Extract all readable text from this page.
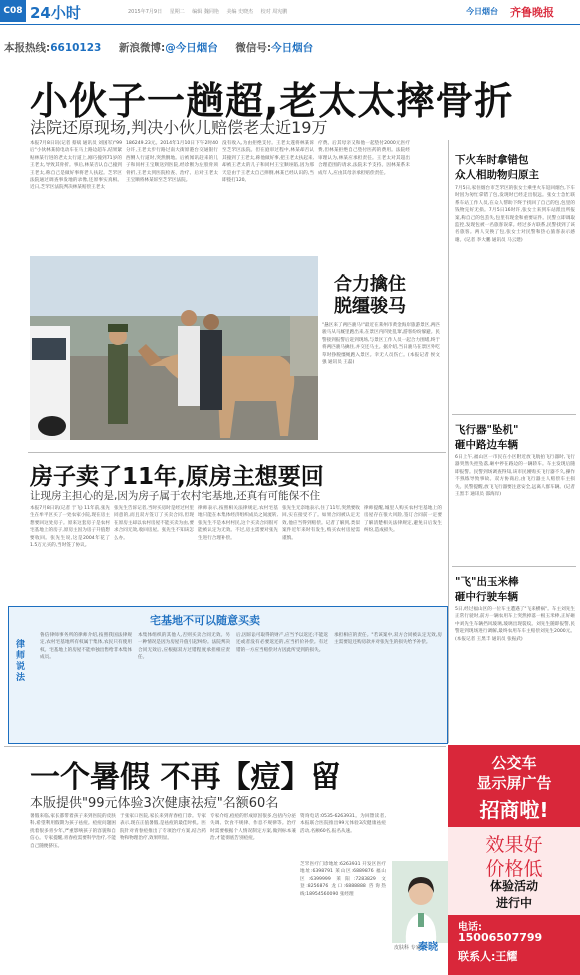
C08 24小时	2015年7月9日 星期二 编辑 魏同艳 美编 史晓杰 校对 周宪鹏	今日烟台 齐鲁晚报
本报热线:6610123 新浪微博:@今日烟台 微信号:今日烟台
小伙子一趟超,老太太摔骨折
法院还原现场,判决小伙儿赔偿老太近19万
本报7月8日讯(记者 蔡斌 通讯员 刘国军)"99后"小伙林某骑电动车在马上路边超车,结果紧贴林某行进的老太太行道上,刚巧撞到71岁的王老太,导致其骨折。事后,林某否认自己撞到王老太,称自己是做好事将老人扶起。芝罘区法院通过调查事发地的录像,还原事实真相。近日,芝罘区法院判决林某赔偿王老太
186249.23元。2014年1月10日下午2时40分许,王老太步行路过南大街原港台交通银行西侧人行道时,突然倒地。后被闻讯赶来的儿子和同村王宝顺送到医院,经诊断为左股骨颈骨折,王老太到医院检查、治疗、后对王老太王宝顺将林某诉至芝罘区法院。
没有收入,为由拒绝支付。王老太遂将林某诉至芝罘区法院。但在庭审过程中,林某却否认其撞到了王老太,称他做好事,把王老太扶起来,却被王老太的儿子和同村王宝顺诬陷,因为那天是由于王老太自己摔倒,林某已经认识的,当即拨打120。
疗费。后其母亲又和他一起垫付2000元医疗费,但林某拒绝自己垫付医药的费用。法院经审理认为,林某应承担责任。王老太对其超出合理范围的请求,法院未予支持。因林某系未成年人,应由其母亲承担赔偿责任。
合力擒住
脱缰骏马
"悬区来了两匹骏马!"最近在莱州市黄金海岸旅游景区,两匹骏马从马厩里跑出来,在景区内四处乱窜,游客纷纷躲避。民警接到报警后赶到现场,与景区工作人员一起合力围堵,终于将两匹骏马擒住,并交还马主。据介绍,当日骏马在景区外吃草时挣脱缰绳跑入景区。幸无人员伤亡。(本报记者 侯文强 通讯员 王磊)
下火车时拿错包
众人相助物归原主
7月5日,家住烟台市芝罘区的张女士乘坐火车返回烟台,下车时因为匆忙拿错了包,发现时已经走出很远。张女士急忙联系车站工作人员,在众人帮助下终于找回了自己的包,包里的钱物完好无损。7月5日16时许,张女士来到车站派出所报案,称自己的包丢失,包里有现金和重要证件。民警立即调取监控,发现包被一名旅客误拿。经过多方联系,民警找到了该名旅客。两人交换了包,张女士对民警和热心旅客表示感谢。(记者 李大鹏 通讯员 马云建)
飞行器"坠机"
砸中路边车辆
6日上午,福山区一市民在小区附近放飞航拍飞行器时,飞行器突然失控坠落,砸中停在路边的一辆轿车。车主发现后随即报警。民警到场调查得知,该市民刚购买飞行器不久,操作不熟练导致事故。双方协商后,由飞行器主人赔偿车主损失。民警提醒,放飞飞行器要注意安全,远离人群车辆。(记者 王黑丰 通讯员 邵海岸)
"飞"出玉米棒
砸中行驶车辆
5日,经过福山区的一位车主遭遇了"飞来横祸"。车主刘先生正常行驶时,前方一辆农用车上突然掉落一根玉米棒,正好砸中刘先生车辆挡风玻璃,玻璃出现裂纹。刘先生随即报警,民警赶到现场进行调解,最终农用车车主赔偿刘先生2000元。(本报记者 王黑丰 通讯员 张振武)
房子卖了11年,原房主想要回
让现房主担心的是,因为房子属于农村宅基地,还真有可能保不住
本报7月8日讯(记者 于飞) 11年前,张先生在牟平区买了一处农家小院,现在房主想要回这处房子。原来这套房子是农村宅基地上的房子,原房主因为房子升值想要收回。张先生说,这是2004年花了1.5万元买的,当时签了协议。
张先生告诉记者,当时买房时是经过村里同意的,而且双方签订了买卖合同,但现在原房主却以农村房屋不能买卖为由,要求合同无效,收回房屋。张先生不知该怎么办。
律师表示,按照相关法律规定,农村宅基地只能在本集体经济组织成员之间流转,张先生不是本村村民,这个买卖合同很可能被认定为无效。不过,房主需要对张先生进行合理补偿。
张先生无奈地表示,住了11年,突然要收回,实在接受不了。如果合同被认定无效,他应当得到赔偿。记者了解到,类似案件近年来时有发生,购买农村房屋需谨慎。
律师提醒,城里人购买农村宅基地上的房屋存在很大风险,签订合同前一定要了解清楚相关法律规定,避免日后发生纠纷,造成损失。
宅基地不可以随意买卖
律师说法
鲁信律师事务所的律师介绍,按照我国法律规定,农村宅基地所有权属于集体,农民只有使用权。宅基地上的房屋不能单独出售给非本集体成员。
本集体组织的其他人,否则买卖合同无效。另一种情况是因为房屋升值引起纠纷。法院判决合同无效后,应根据双方过错程度承担相应责任。
后,因诉讼可取得的财产,应当予以返还;不能返还或者没有必要返还的,应当折价补偿。有过错的一方应当赔偿对方因此所受到的损失。
承担相应的责任。"若该案中,双方合同被认定无效,房主需要返还购房款并对张先生的损失给予补偿。
一个暑假 不再【痘】留
本版提供"99元体验3次健康祛痘"名额60名
暑假来临,家长都带着孩子来到医院的皮肤科,希望利用假期为孩子祛痘。痘痘问题困扰着很多青少年,严重影响孩子的容貌和自信心。专家提醒,青春痘需要科学治疗,不能自己随便挤压。
于张家口医院,家长来到青春痘门诊。专家表示,现在正值暑假,是祛痘的最佳时机。医院针对青春痘推出了专项治疗方案,结合药物和物理治疗,效果明显。
专家介绍,痘痘的形成原因很多,包括内分泌失调、饮食不规律、作息不规律等。治疗时需要根据个人情况制定方案,做到标本兼治,才能彻底告别痘痘。
资询电话:0535-6263931。为回馈读者,本报联合医院推出99元体验3次健康祛痘活动,名额60名,报名从速。
皮肤科 专家
秦晓
芝罘医疗门诊地址:6263931 开发区医疗地址:6398791 莱山区:6889876 福山区:6399999 莱阳:7283829 文登:8256876 龙口:6888888 咨询热线:18954560090 张经理
公交车
显示屏广告
招商啦!
效果好
价格低
体验活动
进行中
电话:
15006507799
联系人:王耀
